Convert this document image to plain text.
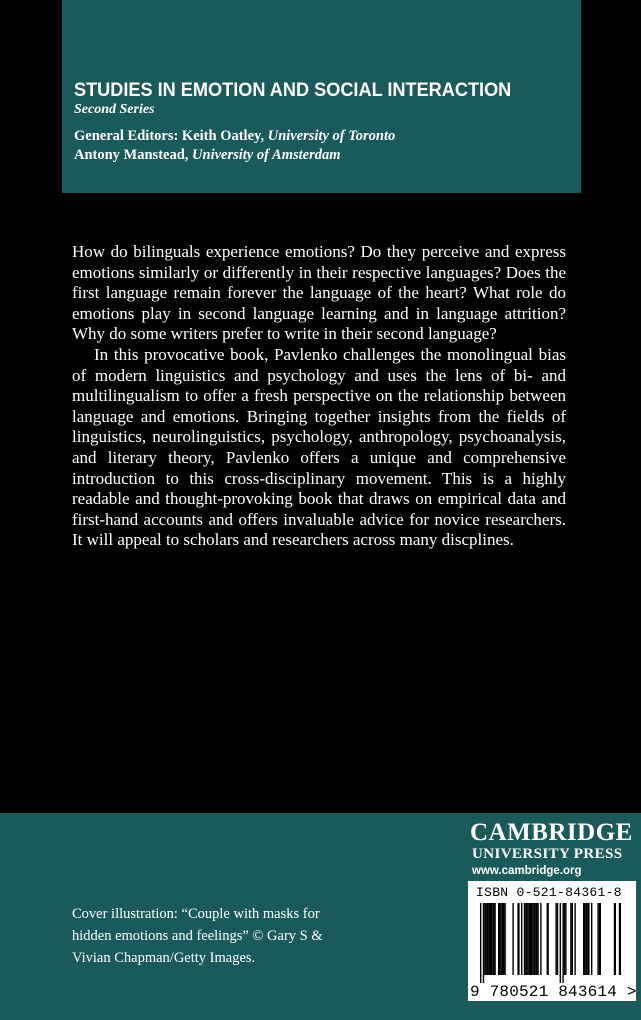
STUDIES IN EMOTION AND SOCIAL INTERACTION
Second Series
General Editors: Keith Oatley, University of Toronto
Antony Manstead, University of Amsterdam

How do bilinguals experience emotions? Do they perceive and express emotions similarly or differently in their respective languages? Does the first language remain forever the language of the heart? What role do emotions play in second language learning and in language attrition? Why do some writers prefer to write in their second language?

In this provocative book, Pavlenko challenges the monolingual bias of modern linguistics and psychology and uses the lens of bi- and multilingualism to offer a fresh perspective on the relationship between language and emotions. Bringing together insights from the fields of linguistics, neurolinguistics, psychology, anthropology, psychoanalysis, and literary theory, Pavlenko offers a unique and comprehensive introduction to this cross-disciplinary movement. This is a highly readable and thought-provoking book that draws on empirical data and first-hand accounts and offers invaluable advice for novice researchers. It will appeal to scholars and researchers across many discplines.

CAMBRIDGE
UNIVERSITY PRESS
www.cambridge.org
Cover illustration: “Couple with masks for hidden emotions and feelings” © Gary S & Vivian Chapman/Getty Images.
ISBN 0-521-84361-8
9 780521 843614 >
